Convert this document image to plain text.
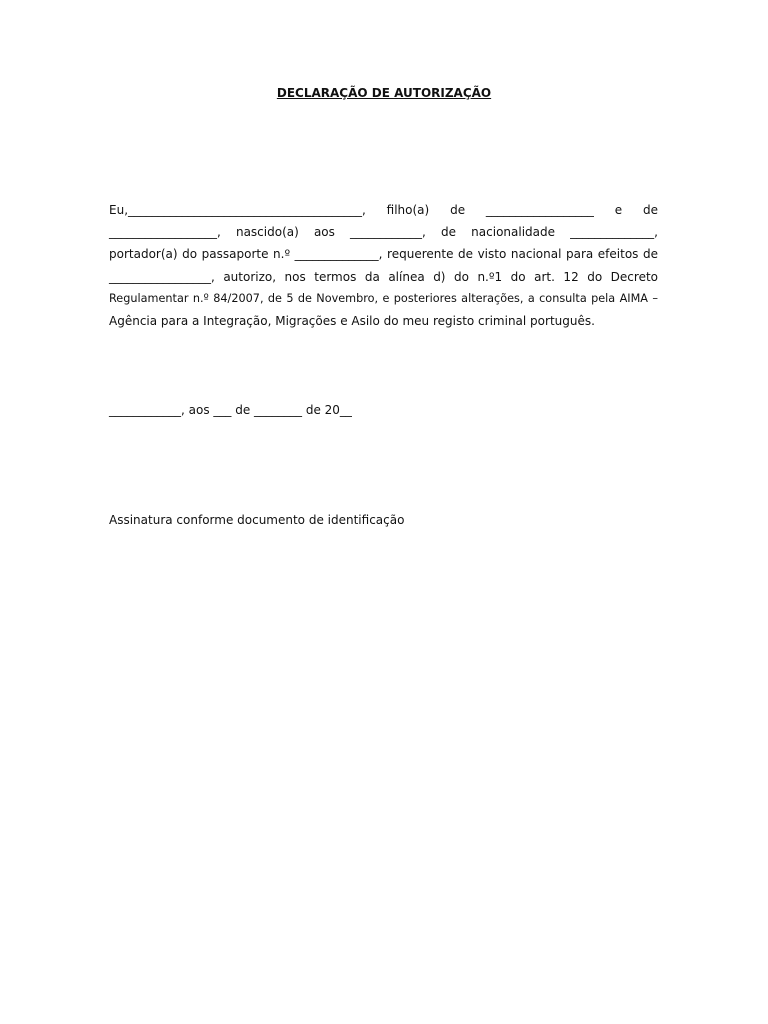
DECLARAÇÃO DE AUTORIZAÇÃO
Eu,_______________________________________, filho(a) de __________________ e de
__________________, nascido(a) aos ____________, de nacionalidade ______________,
portador(a) do passaporte n.º ______________, requerente de visto nacional para efeitos de
_________________, autorizo, nos termos da alínea d) do n.º1 do art. 12 do Decreto
Regulamentar n.º 84/2007, de 5 de Novembro, e posteriores alterações, a consulta pela AIMA –
Agência para a Integração, Migrações e Asilo do meu registo criminal português.
____________, aos ___ de ________ de 20__
Assinatura conforme documento de identificação
